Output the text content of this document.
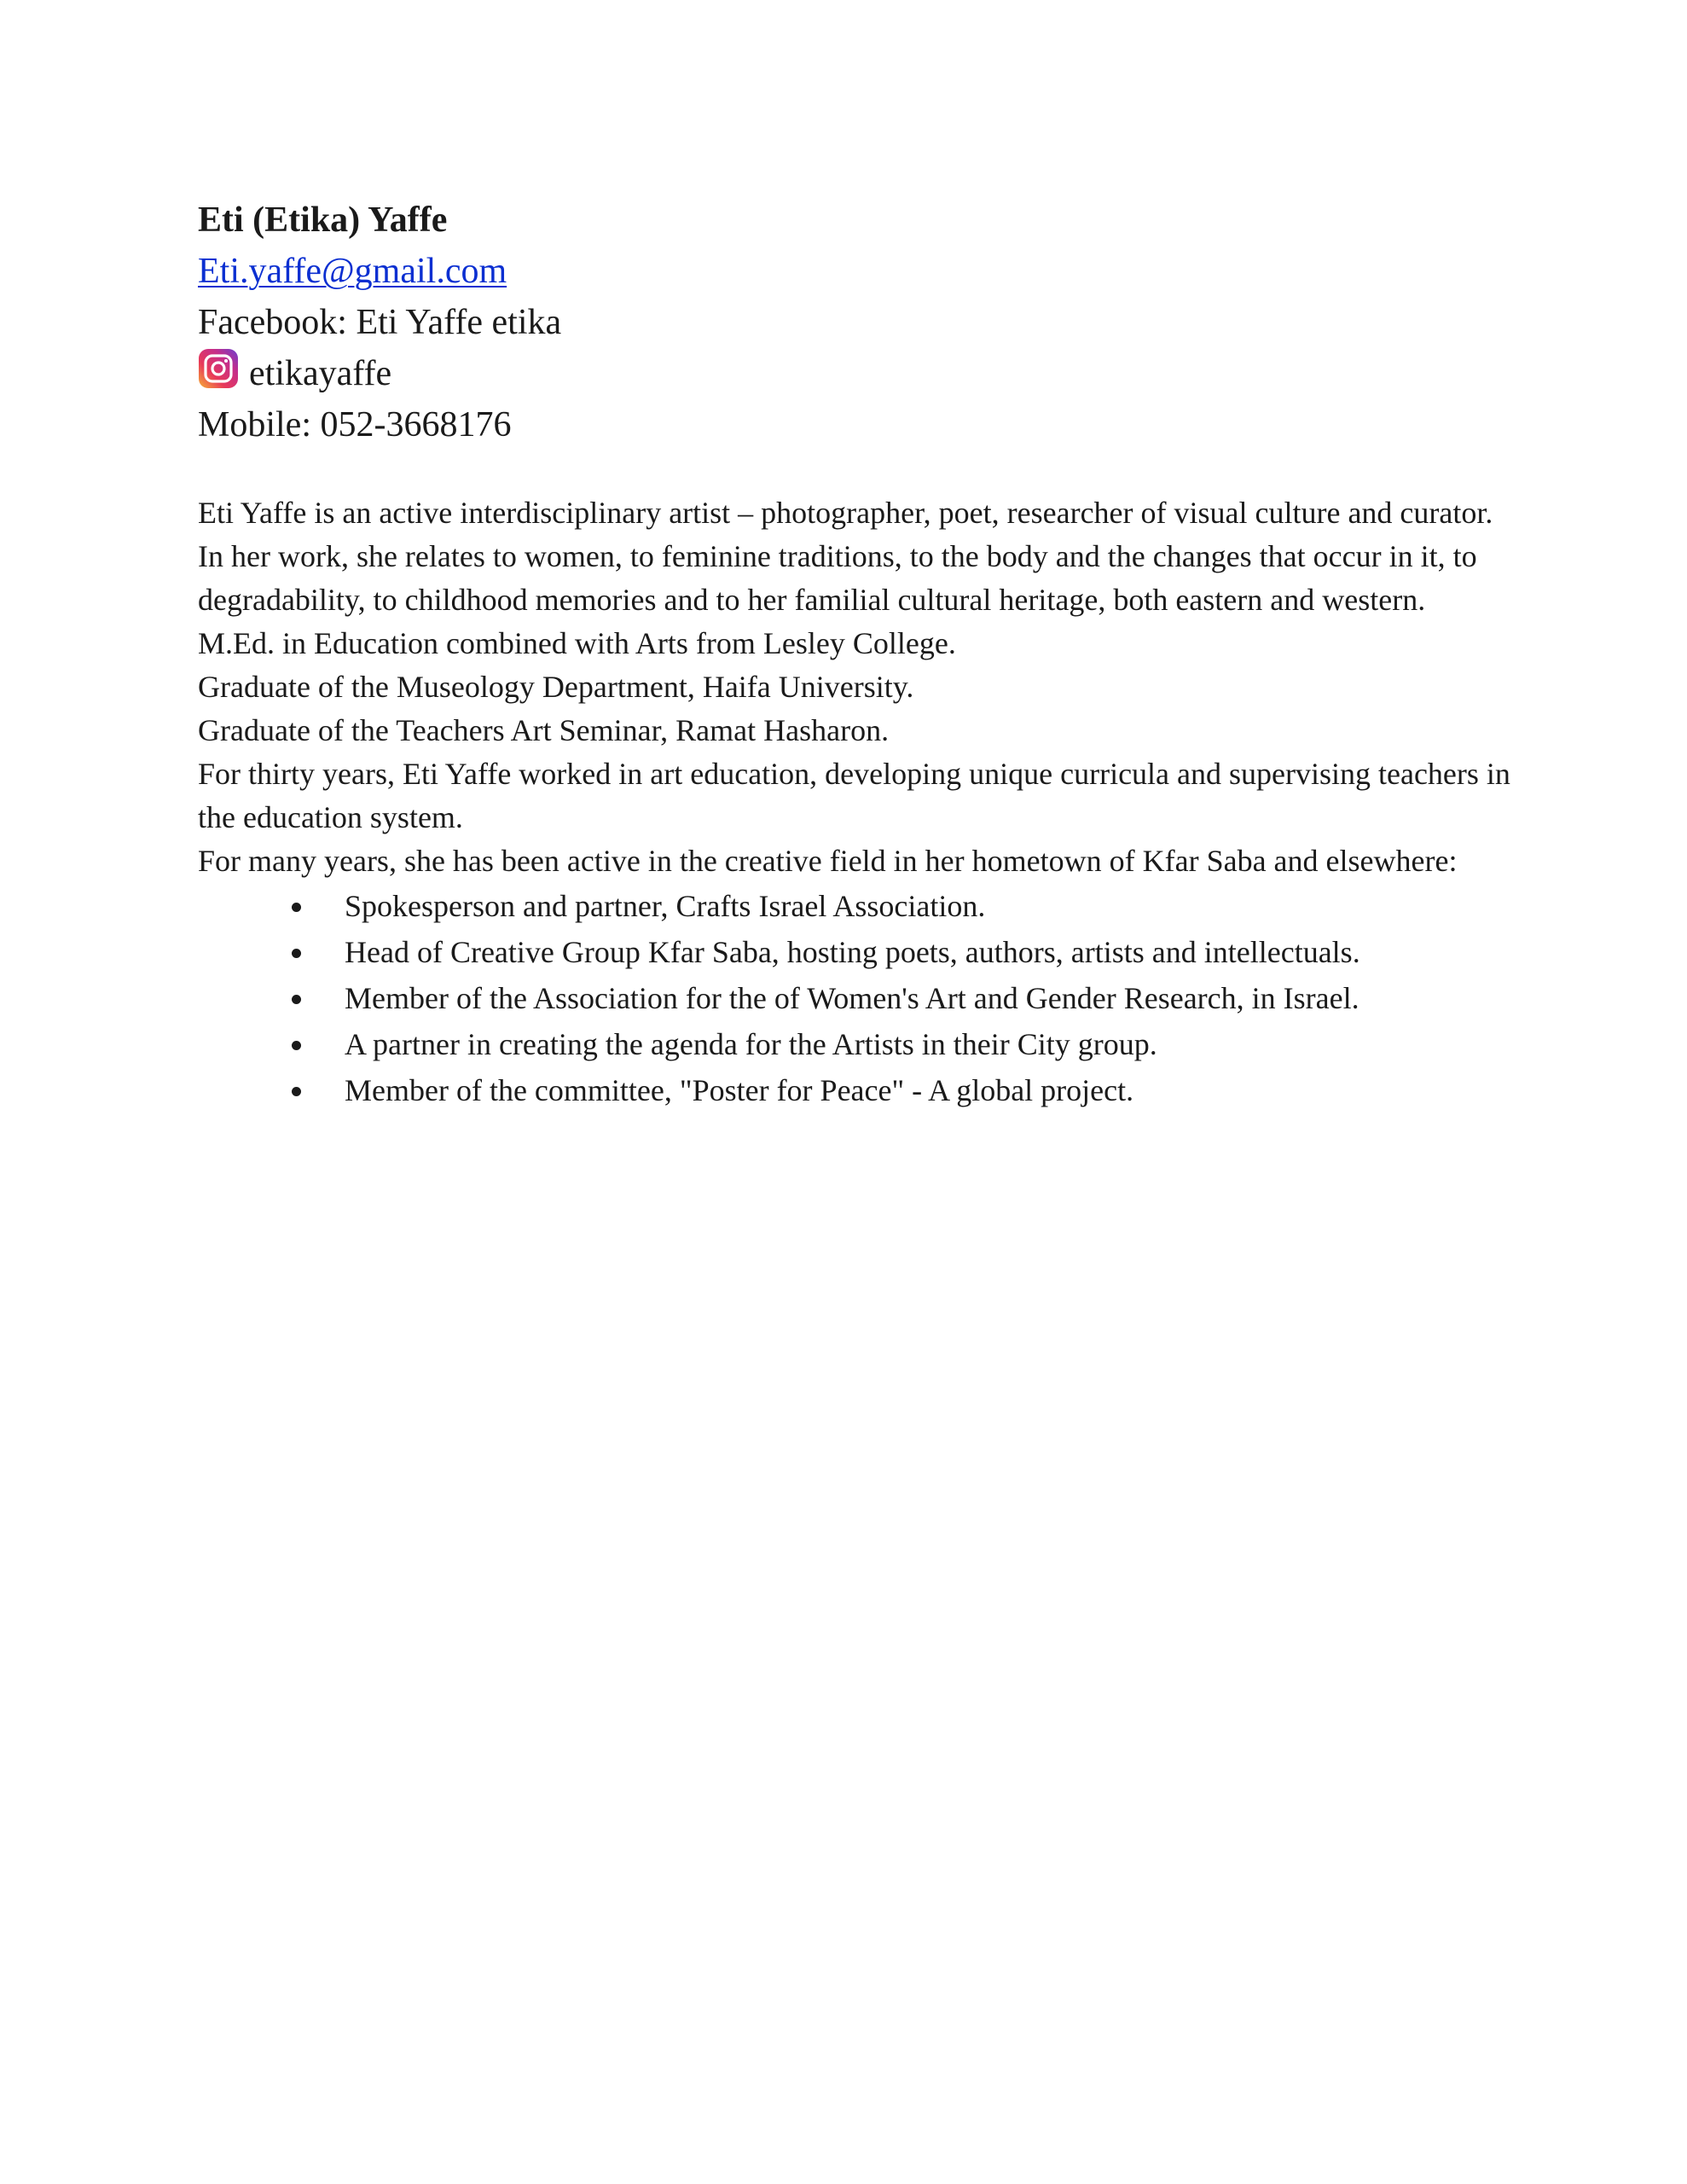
Eti (Etika) Yaffe

Eti.yaffe@gmail.com

Facebook: Eti Yaffe etika

etikayaffe

Mobile: 052-3668176

Eti Yaffe is an active interdisciplinary artist – photographer, poet, researcher of visual culture and curator.

In her work, she relates to women, to feminine traditions, to the body and the changes that occur in it, to degradability, to childhood memories and to her familial cultural heritage, both eastern and western.

M.Ed. in Education combined with Arts from Lesley College.

Graduate of the Museology Department, Haifa University.

Graduate of the Teachers Art Seminar, Ramat Hasharon.

For thirty years, Eti Yaffe worked in art education, developing unique curricula and supervising teachers in the education system.

For many years, she has been active in the creative field in her hometown of Kfar Saba and elsewhere:

Spokesperson and partner, Crafts Israel Association.
Head of Creative Group Kfar Saba, hosting poets, authors, artists and intellectuals.
Member of the Association for the of Women's Art and Gender Research, in Israel.
A partner in creating the agenda for the Artists in their City group.
Member of the committee, "Poster for Peace" - A global project.
